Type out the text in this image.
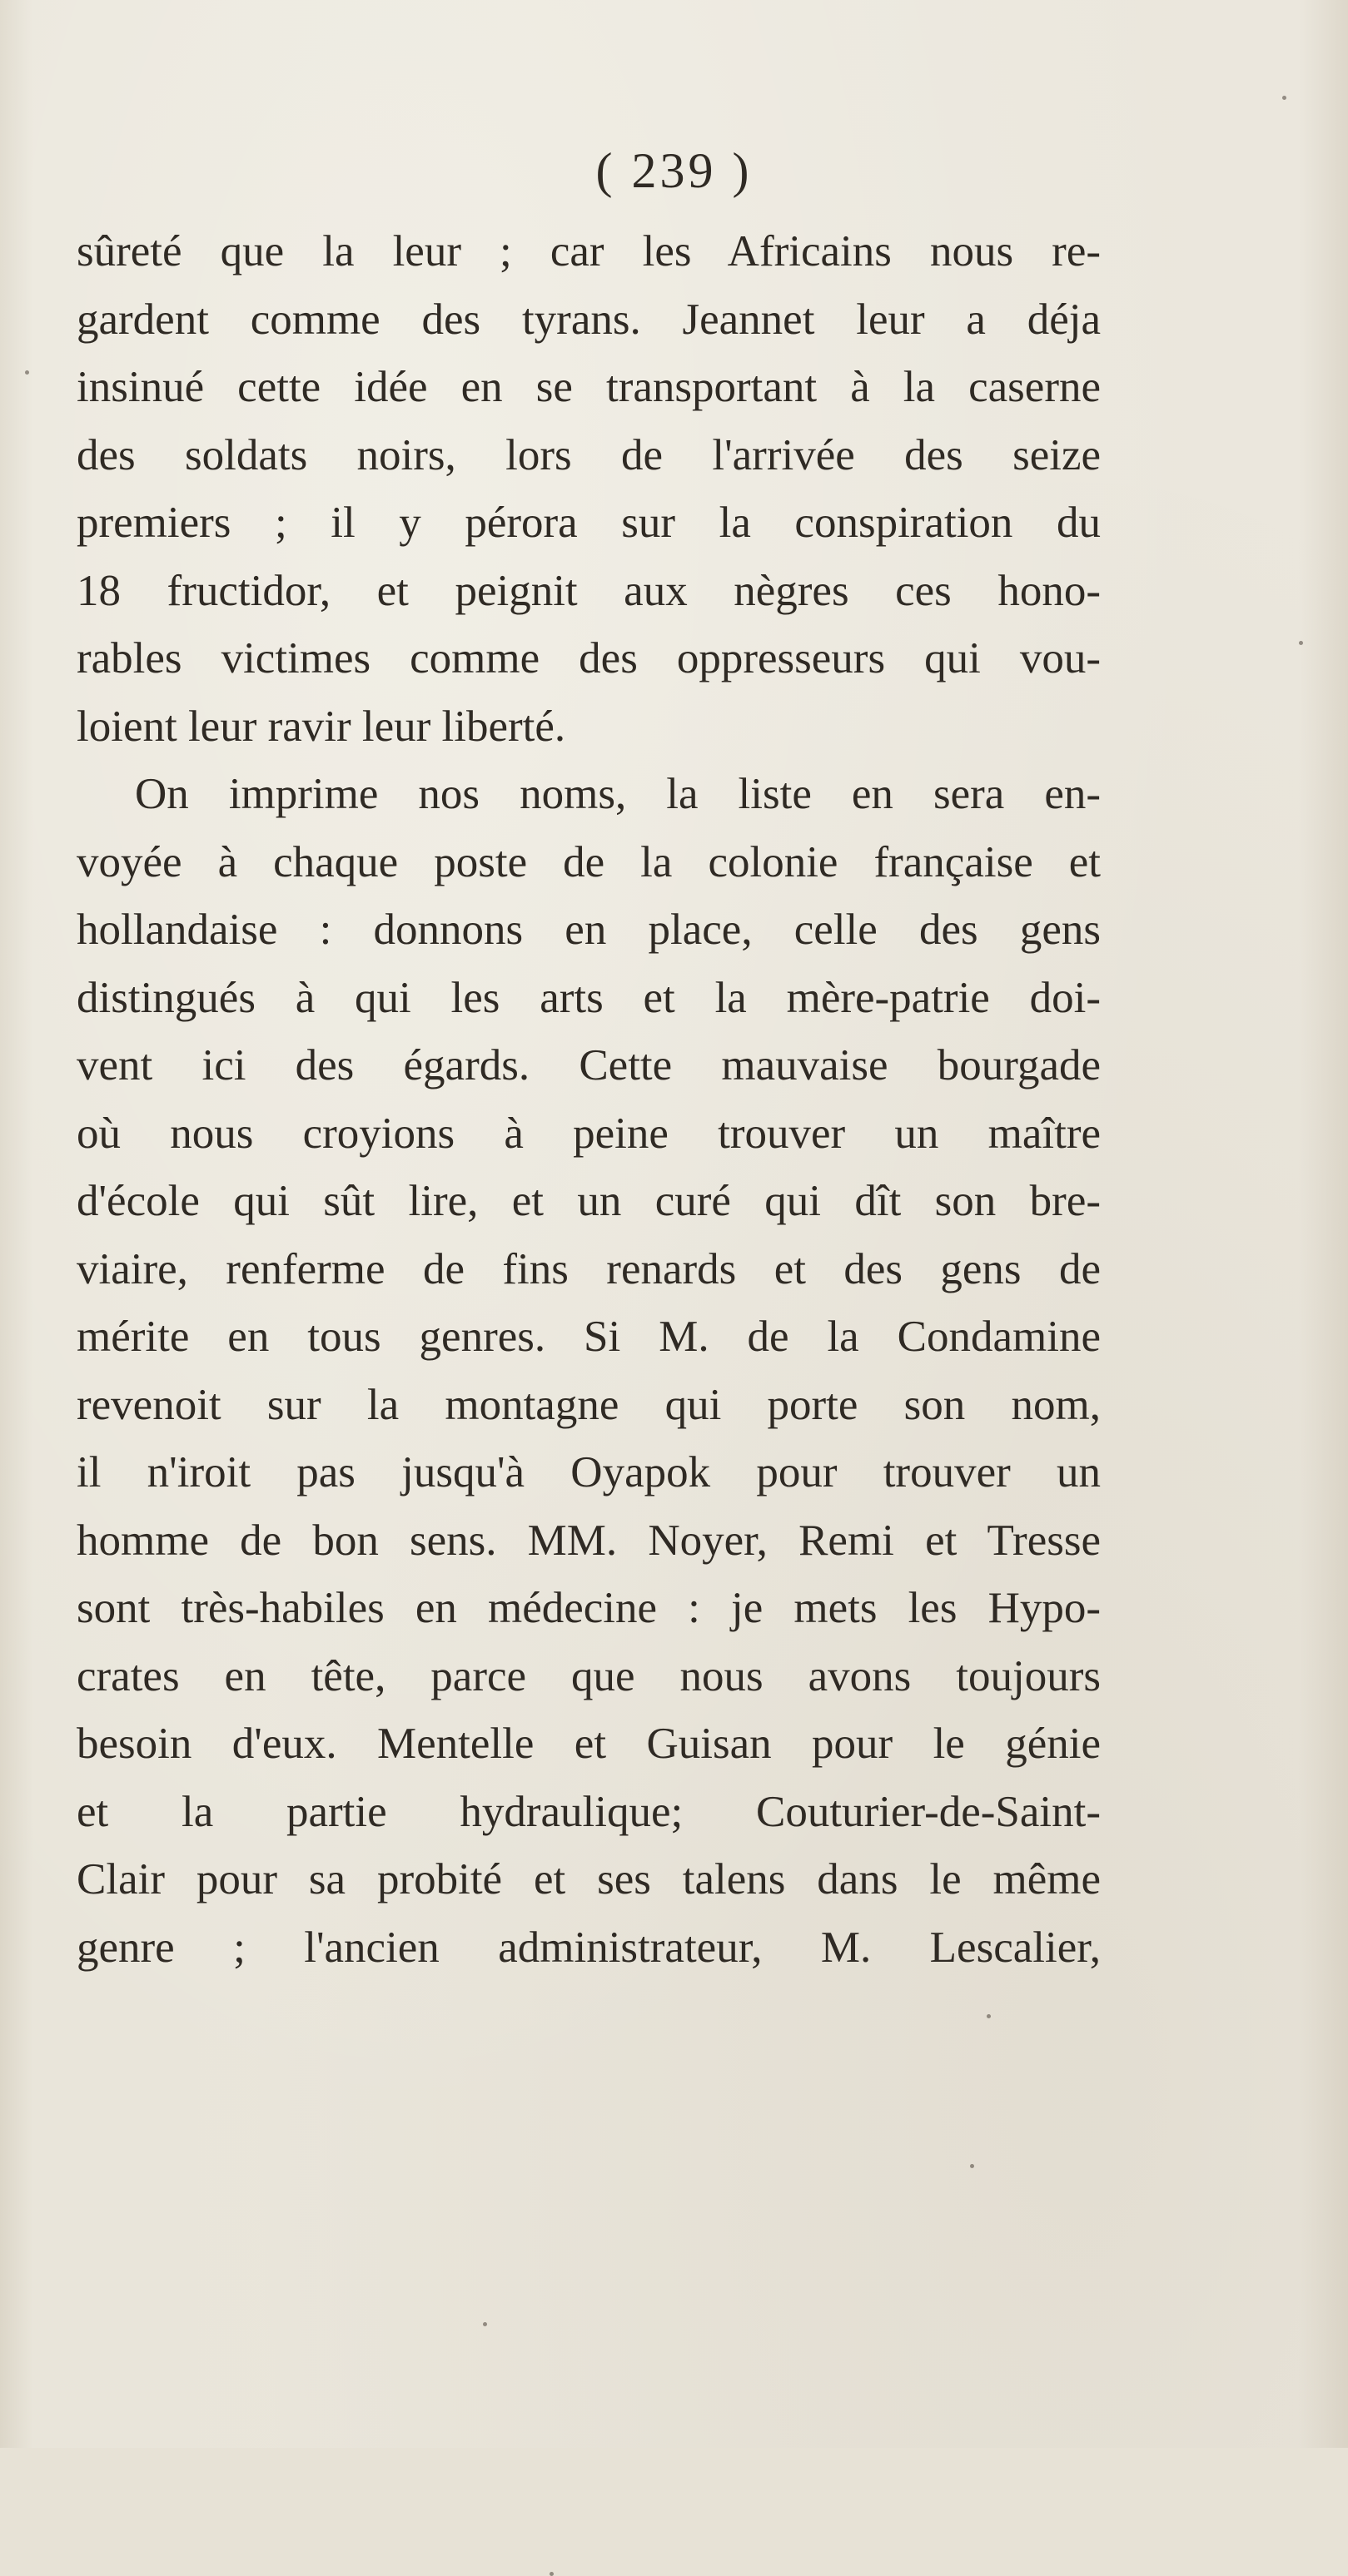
( 239 )
sûreté que la leur ; car les Africains nous re-
gardent comme des tyrans. Jeannet leur a déja
insinué cette idée en se transportant à la caserne
des soldats noirs, lors de l'arrivée des seize
premiers ; il y pérora sur la conspiration du
18 fructidor, et peignit aux nègres ces hono-
rables victimes comme des oppresseurs qui vou-
loient leur ravir leur liberté.
On imprime nos noms, la liste en sera en-
voyée à chaque poste de la colonie française et
hollandaise : donnons en place, celle des gens
distingués à qui les arts et la mère-patrie doi-
vent ici des égards. Cette mauvaise bourgade
où nous croyions à peine trouver un maître
d'école qui sût lire, et un curé qui dît son bre-
viaire, renferme de fins renards et des gens de
mérite en tous genres. Si M. de la Condamine
revenoit sur la montagne qui porte son nom,
il n'iroit pas jusqu'à Oyapok pour trouver un
homme de bon sens. MM. Noyer, Remi et Tresse
sont très-habiles en médecine : je mets les Hypo-
crates en tête, parce que nous avons toujours
besoin d'eux. Mentelle et Guisan pour le génie
et la partie hydraulique; Couturier-de-Saint-
Clair pour sa probité et ses talens dans le même
genre ; l'ancien administrateur, M. Lescalier,
